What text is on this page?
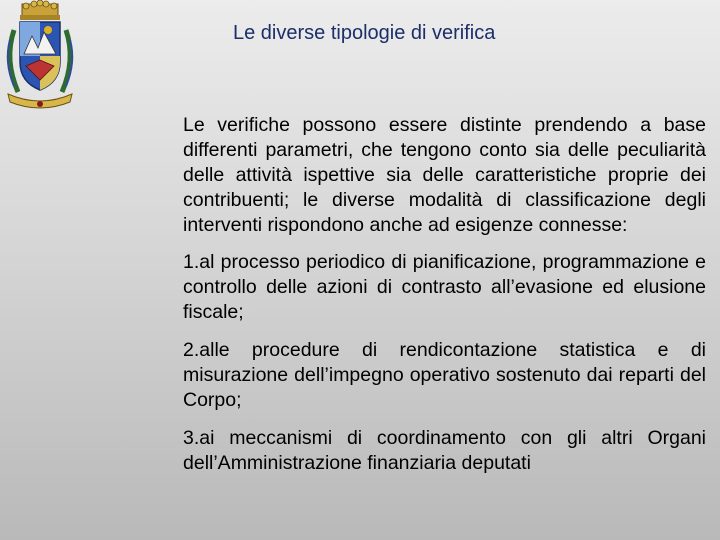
Le diverse tipologie di verifica

Le verifiche possono essere distinte prendendo a base differenti parametri, che tengono conto sia delle peculiarità delle attività ispettive sia delle caratteristiche proprie dei contribuenti; le diverse modalità di classificazione degli interventi rispondono anche ad esigenze connesse:

1.al processo periodico di pianificazione, programmazione e controllo delle azioni di contrasto all’evasione ed elusione fiscale;

2.alle procedure di rendicontazione statistica e di misurazione dell’impegno operativo sostenuto dai reparti del Corpo;

3.ai meccanismi di coordinamento con gli altri Organi dell’Amministrazione finanziaria deputati
